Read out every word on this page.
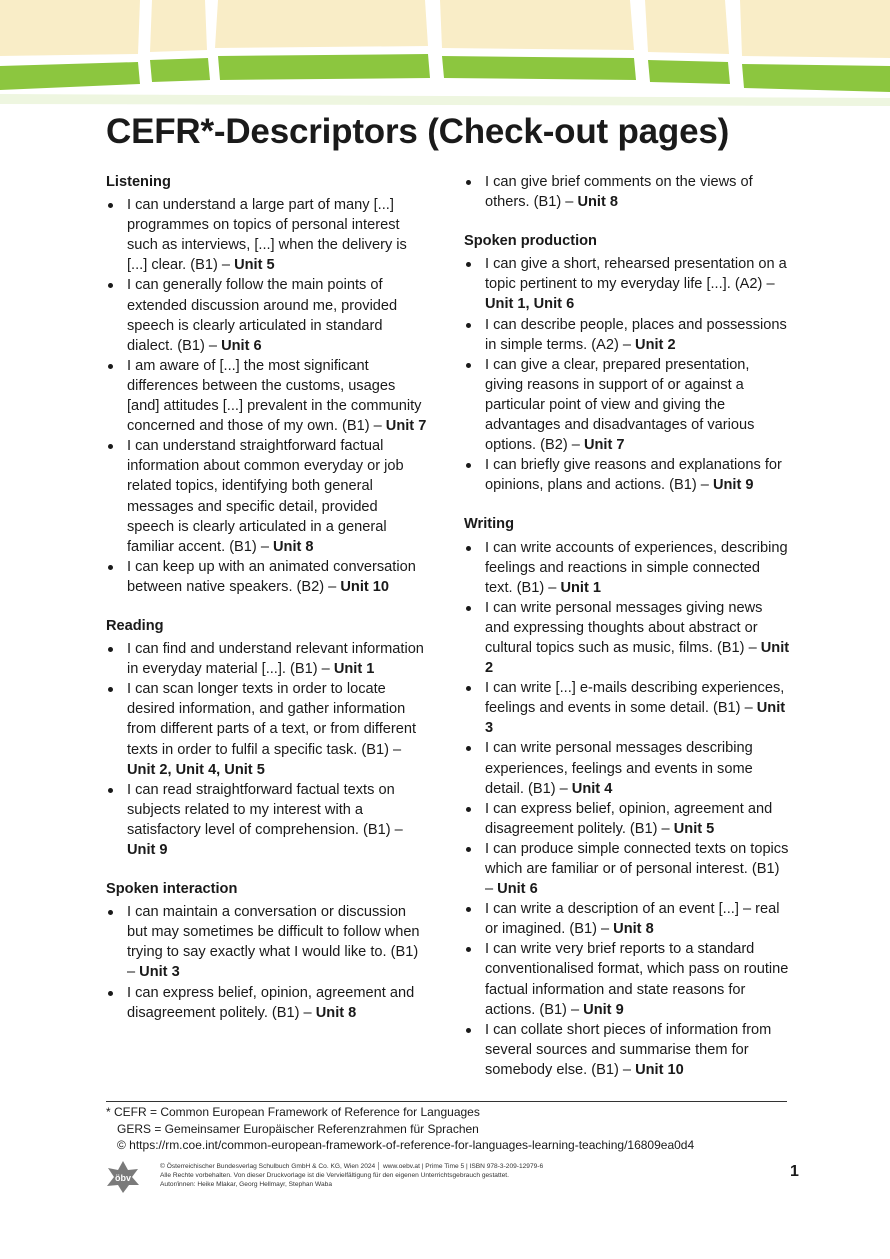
CEFR*-Descriptors (Check-out pages)
Listening
I can understand a large part of many [...] programmes on topics of personal interest such as interviews, [...] when the delivery is [...] clear. (B1) – Unit 5
I can generally follow the main points of extended discussion around me, provided speech is clearly articulated in standard dialect. (B1) – Unit 6
I am aware of [...] the most significant differences between the customs, usages [and] attitudes [...] prevalent in the community concerned and those of my own. (B1) – Unit 7
I can understand straightforward factual information about common everyday or job related topics, identifying both general messages and specific detail, provided speech is clearly articulated in a general familiar accent. (B1) – Unit 8
I can keep up with an animated conversation between native speakers. (B2) – Unit 10
Reading
I can find and understand relevant information in everyday material [...]. (B1) – Unit 1
I can scan longer texts in order to locate desired information, and gather information from different parts of a text, or from different texts in order to fulfil a specific task. (B1) – Unit 2, Unit 4, Unit 5
I can read straightforward factual texts on subjects related to my interest with a satisfactory level of comprehension. (B1) – Unit 9
Spoken interaction
I can maintain a conversation or discussion but may sometimes be difficult to follow when trying to say exactly what I would like to. (B1) – Unit 3
I can express belief, opinion, agreement and disagreement politely. (B1) – Unit 8
I can give brief comments on the views of others. (B1) – Unit 8
Spoken production
I can give a short, rehearsed presentation on a topic pertinent to my everyday life [...]. (A2) – Unit 1, Unit 6
I can describe people, places and possessions in simple terms. (A2) – Unit 2
I can give a clear, prepared presentation, giving reasons in support of or against a particular point of view and giving the advantages and disadvantages of various options. (B2) – Unit 7
I can briefly give reasons and explanations for opinions, plans and actions. (B1) – Unit 9
Writing
I can write accounts of experiences, describing feelings and reactions in simple connected text. (B1) – Unit 1
I can write personal messages giving news and expressing thoughts about abstract or cultural topics such as music, films. (B1) – Unit 2
I can write [...] e-mails describing experiences, feelings and events in some detail. (B1) – Unit 3
I can write personal messages describing experiences, feelings and events in some detail. (B1) – Unit 4
I can express belief, opinion, agreement and disagreement politely. (B1) – Unit 5
I can produce simple connected texts on topics which are familiar or of personal interest. (B1) – Unit 6
I can write a description of an event [...] – real or imagined. (B1) – Unit 8
I can write very brief reports to a standard conventionalised format, which pass on routine factual information and state reasons for actions. (B1) – Unit 9
I can collate short pieces of information from several sources and summarise them for somebody else. (B1) – Unit 10
* CEFR = Common European Framework of Reference for Languages
GERS = Gemeinsamer Europäischer Referenzrahmen für Sprachen
© https://rm.coe.int/common-european-framework-of-reference-for-languages-learning-teaching/16809ea0d4
öbv
© Österreichischer Bundesverlag Schulbuch GmbH & Co. KG, Wien 2024 │ www.oebv.at | Prime Time 5 | ISBN 978-3-209-12979-6
Alle Rechte vorbehalten. Von dieser Druckvorlage ist die Vervielfältigung für den eigenen Unterrichtsgebrauch gestattet.
Autor/innen: Heike Mlakar, Georg Hellmayr, Stephan Waba
1
